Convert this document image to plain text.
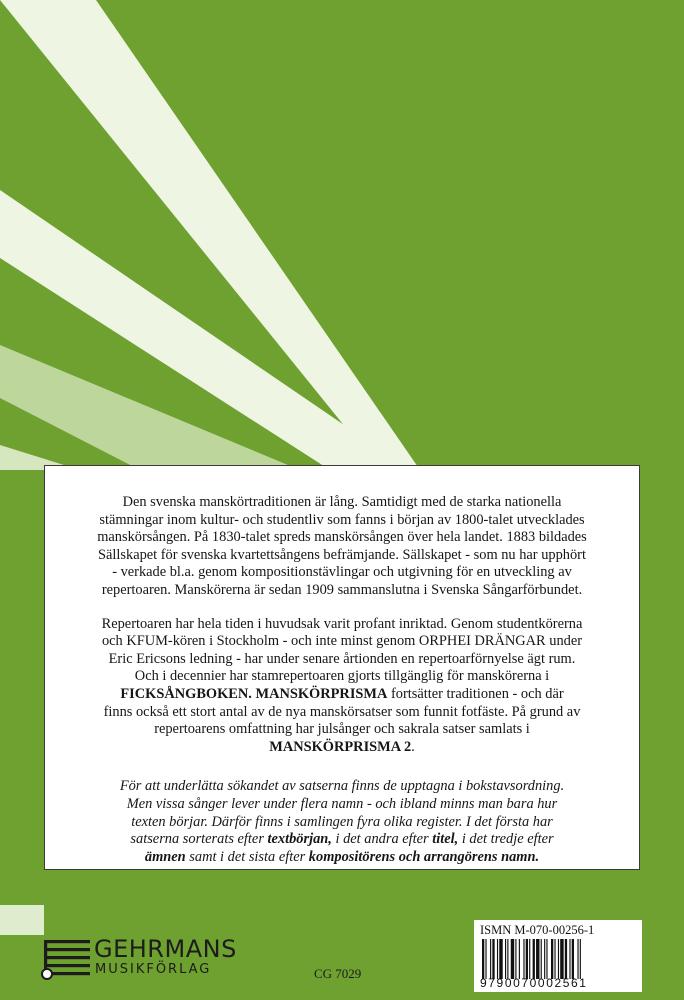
Den svenska manskörtraditionen är lång. Samtidigt med de starka nationella
stämningar inom kultur- och studentliv som fanns i början av 1800-talet utvecklades
manskörsången. På 1830-talet spreds manskörsången över hela landet. 1883 bildades
Sällskapet för svenska kvartettsångens befrämjande. Sällskapet - som nu har upphört
- verkade bl.a. genom kompositionstävlingar och utgivning för en utveckling av
repertoaren. Manskörerna är sedan 1909 sammanslutna i Svenska Sångarförbundet.

Repertoaren har hela tiden i huvudsak varit profant inriktad. Genom studentkörerna
och KFUM-kören i Stockholm - och inte minst genom ORPHEI DRÄNGAR under
Eric Ericsons ledning - har under senare årtionden en repertoarförnyelse ägt rum.
Och i decennier har stamrepertoaren gjorts tillgänglig för manskörerna i
FICKSÅNGBOKEN. MANSKÖRPRISMA fortsätter traditionen - och där
finns också ett stort antal av de nya manskörsatser som funnit fotfäste. På grund av
repertoarens omfattning har julsånger och sakrala satser samlats i
MANSKÖRPRISMA 2.

För att underlätta sökandet av satserna finns de upptagna i bokstavsordning.
Men vissa sånger lever under flera namn - och ibland minns man bara hur
texten börjar. Därför finns i samlingen fyra olika register. I det första har
satserna sorterats efter textbörjan, i det andra efter titel, i det tredje efter
ämnen samt i det sista efter kompositörens och arrangörens namn.

GEHRMANS
MUSIKFÖRLAG	CG 7029
ISMN M-070-00256-1
9790070002561
